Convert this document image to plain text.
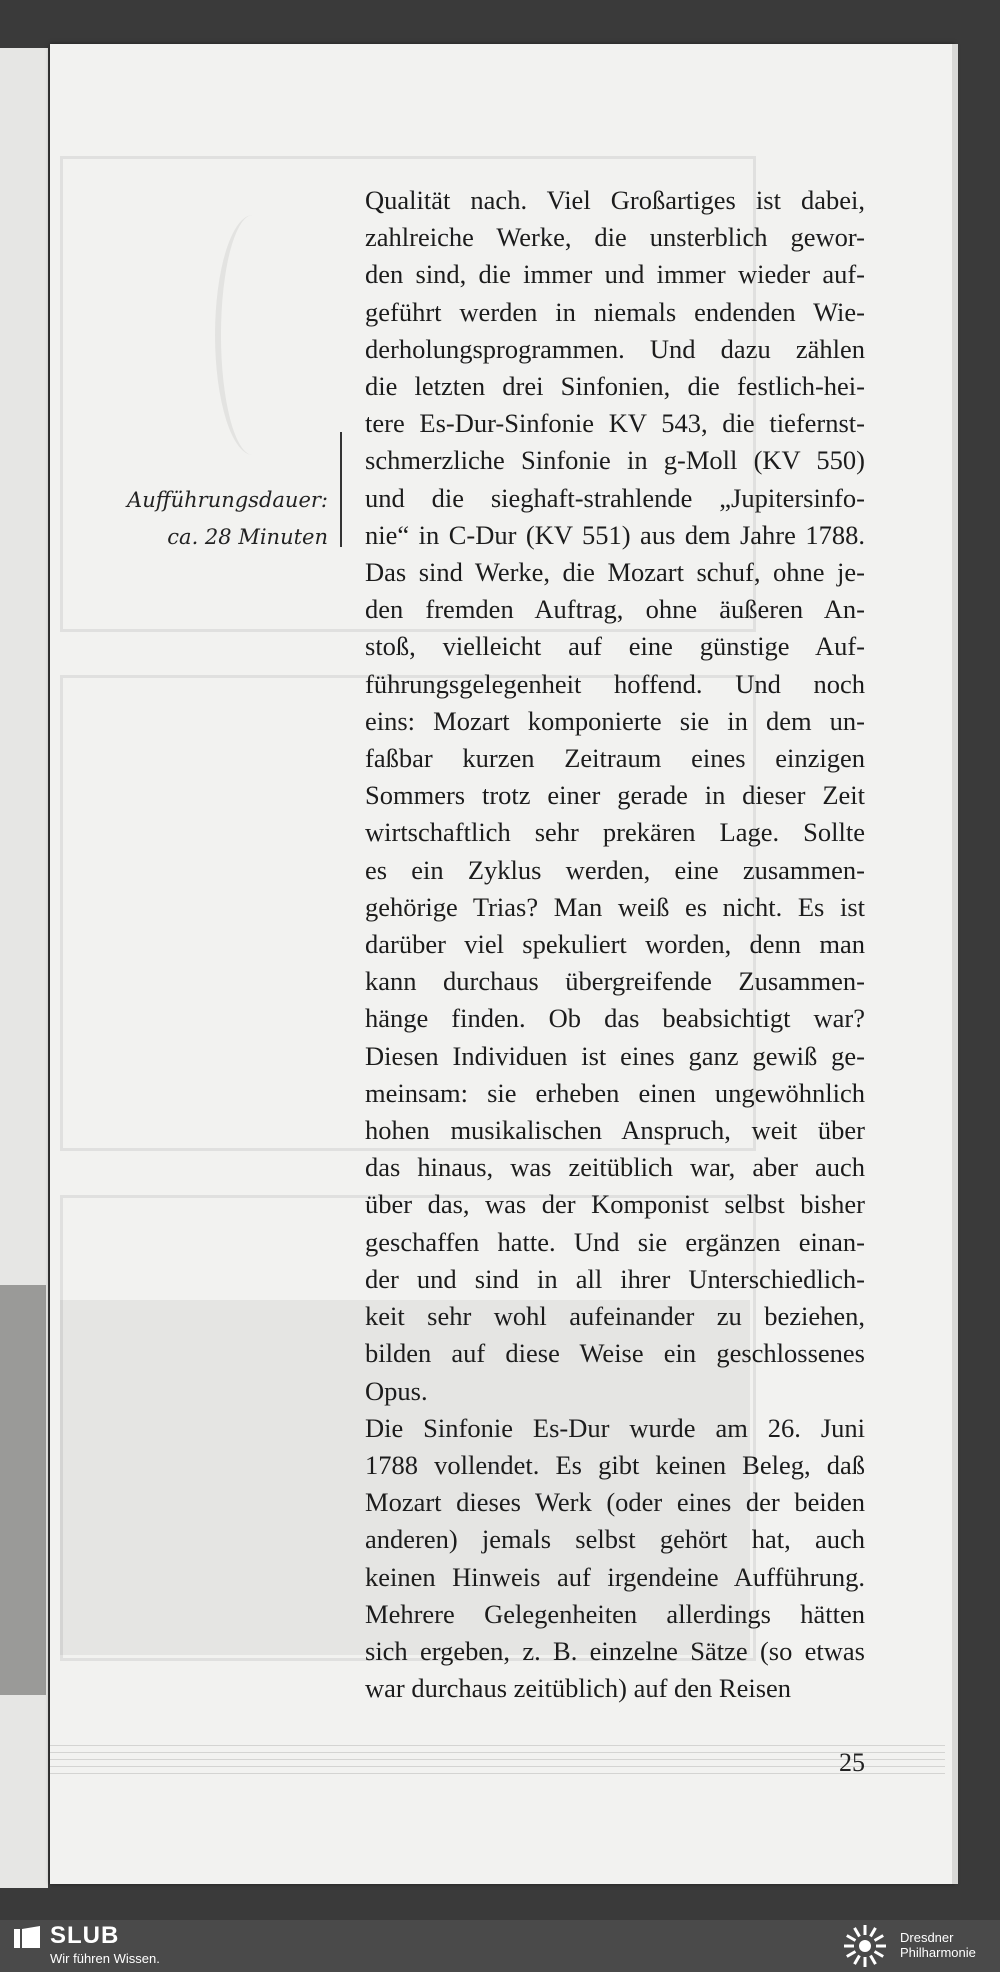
Aufführungsdauer:
ca. 28 Minuten
Qualität nach. Viel Großartiges ist dabei,
zahlreiche Werke, die unsterblich gewor-
den sind, die immer und immer wieder auf-
geführt werden in niemals endenden Wie-
derholungsprogrammen. Und dazu zählen
die letzten drei Sinfonien, die festlich-hei-
tere Es-Dur-Sinfonie KV 543, die tiefernst-
schmerzliche Sinfonie in g-Moll (KV 550)
und die sieghaft-strahlende „Jupitersinfo-
nie“ in C-Dur (KV 551) aus dem Jahre 1788.
Das sind Werke, die Mozart schuf, ohne je-
den fremden Auftrag, ohne äußeren An-
stoß, vielleicht auf eine günstige Auf-
führungsgelegenheit hoffend. Und noch
eins: Mozart komponierte sie in dem un-
faßbar kurzen Zeitraum eines einzigen
Sommers trotz einer gerade in dieser Zeit
wirtschaftlich sehr prekären Lage. Sollte
es ein Zyklus werden, eine zusammen-
gehörige Trias? Man weiß es nicht. Es ist
darüber viel spekuliert worden, denn man
kann durchaus übergreifende Zusammen-
hänge finden. Ob das beabsichtigt war?
Diesen Individuen ist eines ganz gewiß ge-
meinsam: sie erheben einen ungewöhnlich
hohen musikalischen Anspruch, weit über
das hinaus, was zeitüblich war, aber auch
über das, was der Komponist selbst bisher
geschaffen hatte. Und sie ergänzen einan-
der und sind in all ihrer Unterschiedlich-
keit sehr wohl aufeinander zu beziehen,
bilden auf diese Weise ein geschlossenes
Opus.
Die Sinfonie Es-Dur wurde am 26. Juni
1788 vollendet. Es gibt keinen Beleg, daß
Mozart dieses Werk (oder eines der beiden
anderen) jemals selbst gehört hat, auch
keinen Hinweis auf irgendeine Aufführung.
Mehrere Gelegenheiten allerdings hätten
sich ergeben, z. B. einzelne Sätze (so etwas
war durchaus zeitüblich) auf den Reisen
25
SLUB
Wir führen Wissen.
Dresdner
Philharmonie
